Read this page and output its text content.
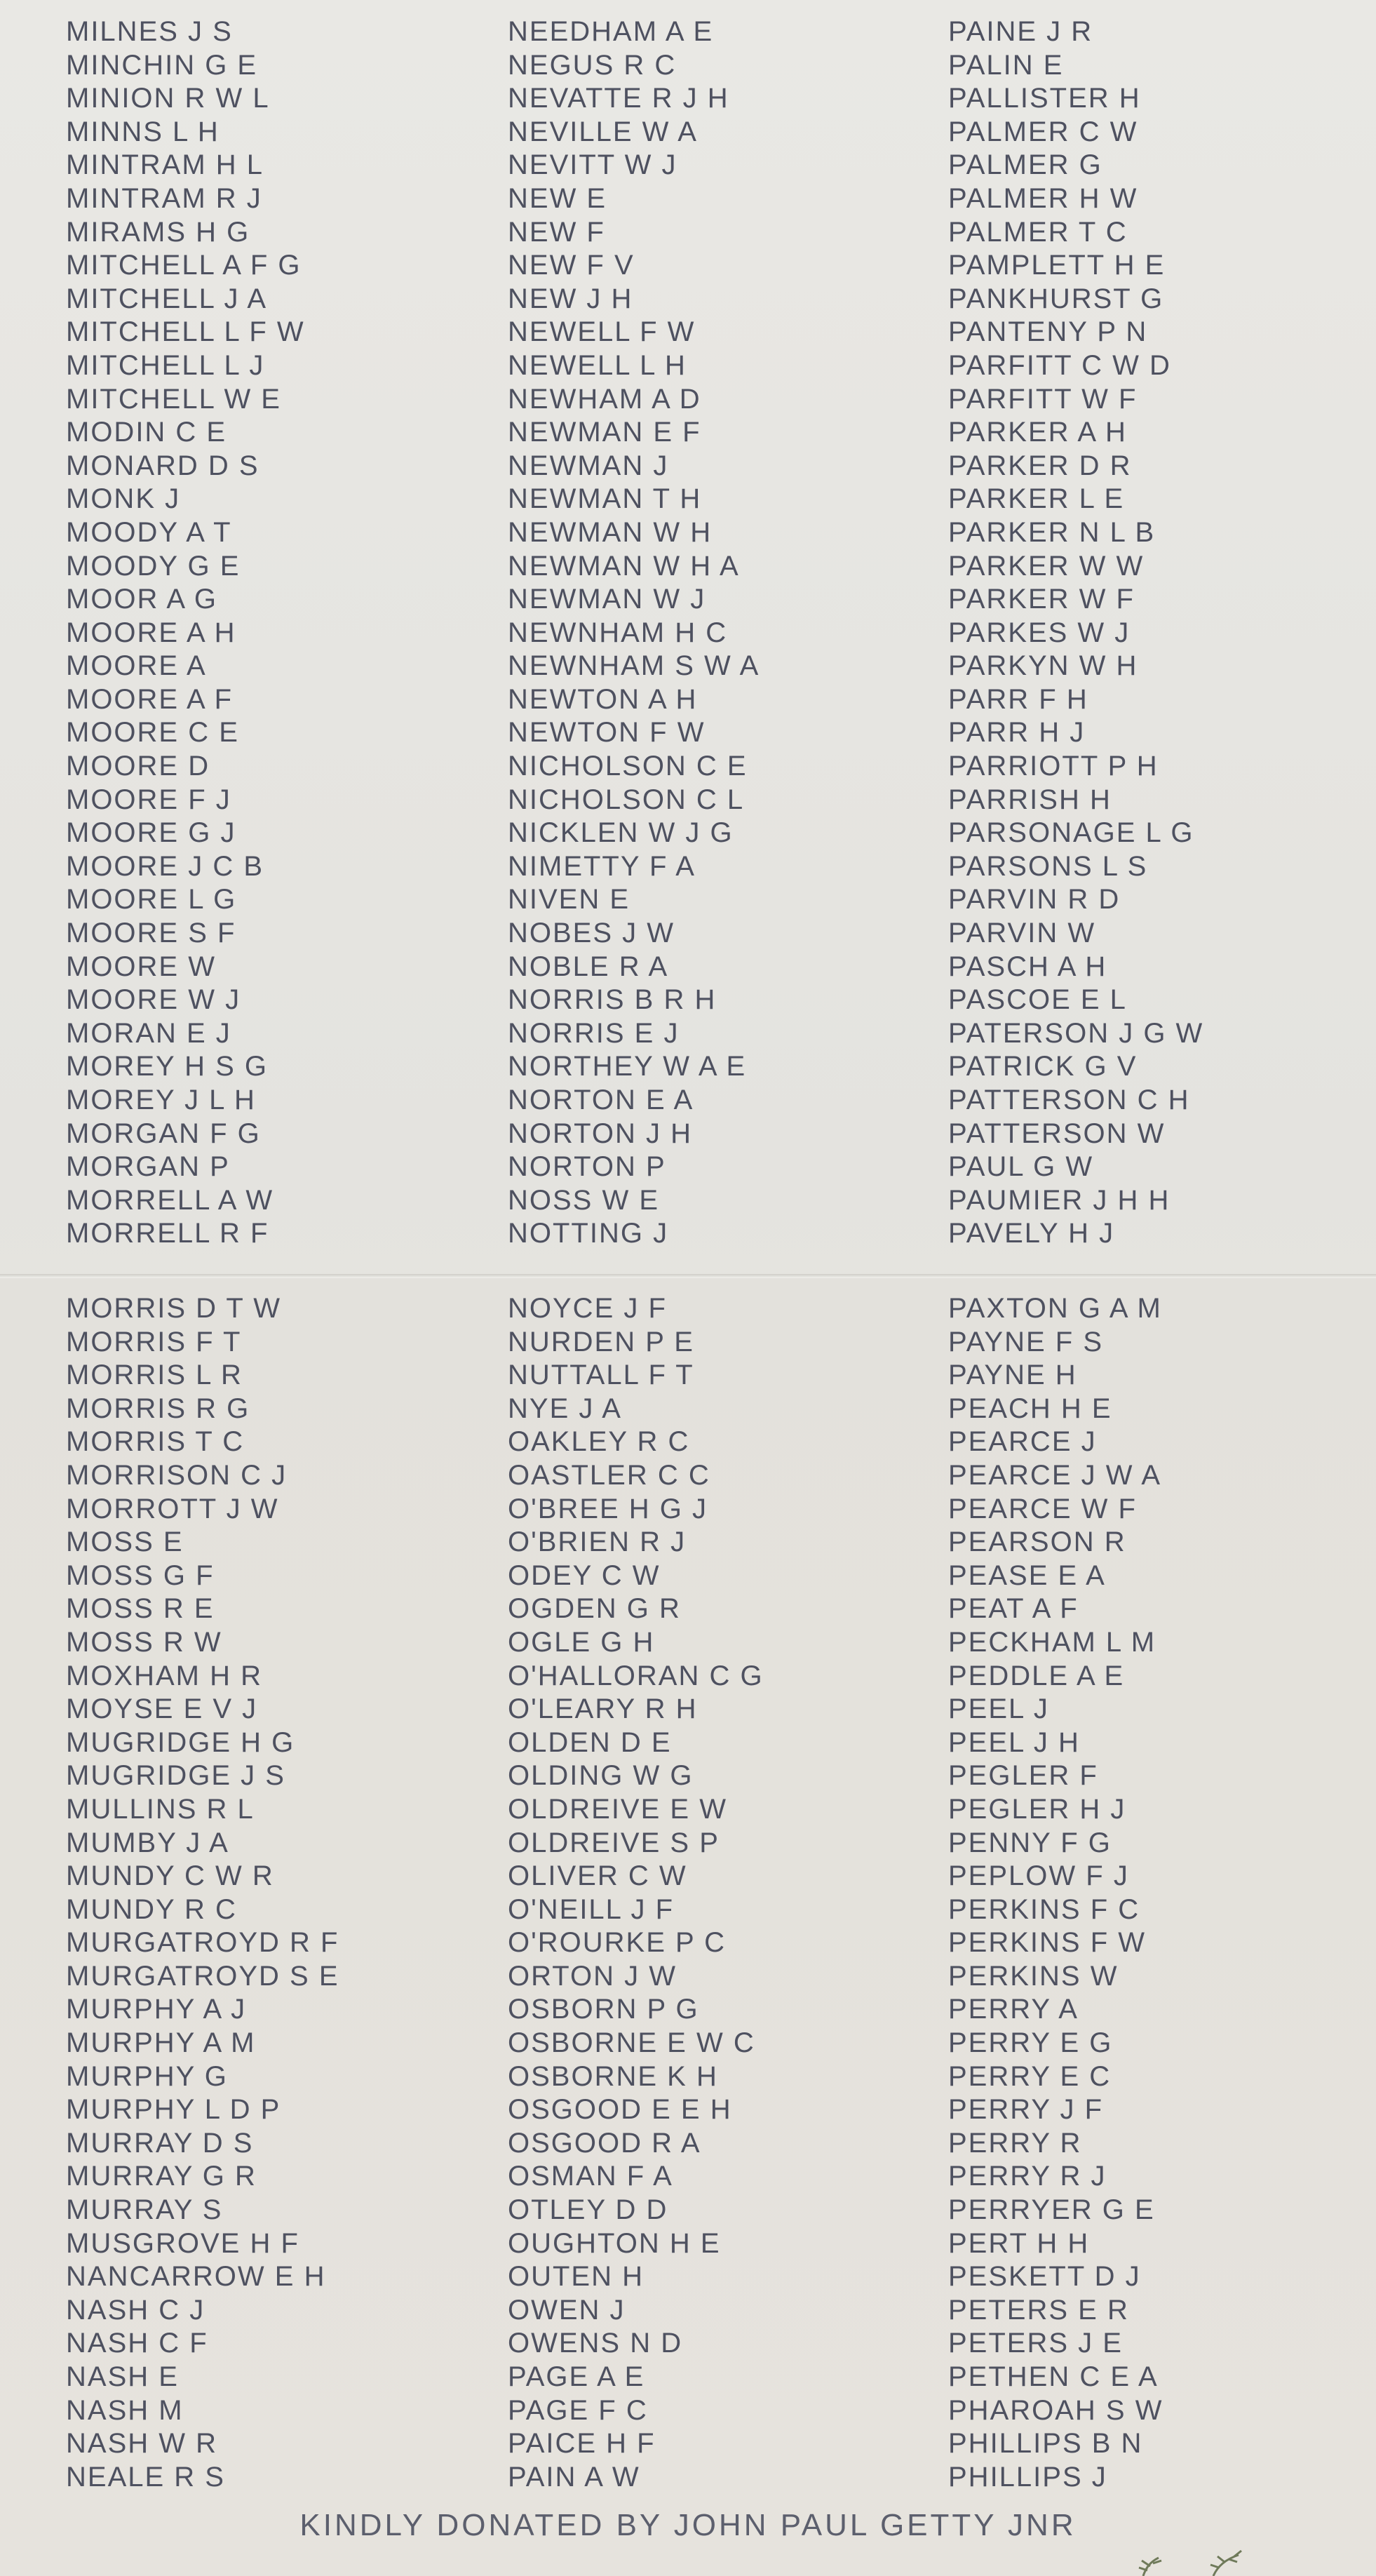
MILNES J S
MINCHIN G E
MINION R W L
MINNS L H
MINTRAM H L
MINTRAM R J
MIRAMS H G
MITCHELL A F G
MITCHELL J A
MITCHELL L F W
MITCHELL L J
MITCHELL W E
MODIN C E
MONARD D S
MONK J
MOODY A T
MOODY G E
MOOR A G
MOORE A H
MOORE A
MOORE A F
MOORE C E
MOORE D
MOORE F J
MOORE G J
MOORE J C B
MOORE L G
MOORE S F
MOORE W
MOORE W J
MORAN E J
MOREY H S G
MOREY J L H
MORGAN F G
MORGAN P
MORRELL A W
MORRELL R F
NEEDHAM A E
NEGUS R C
NEVATTE R J H
NEVILLE W A
NEVITT W J
NEW E
NEW F
NEW F V
NEW J H
NEWELL F W
NEWELL L H
NEWHAM A D
NEWMAN E F
NEWMAN J
NEWMAN T H
NEWMAN W H
NEWMAN W H A
NEWMAN W J
NEWNHAM H C
NEWNHAM S W A
NEWTON A H
NEWTON F W
NICHOLSON C E
NICHOLSON C L
NICKLEN W J G
NIMETTY F A
NIVEN E
NOBES J W
NOBLE R A
NORRIS B R H
NORRIS E J
NORTHEY W A E
NORTON E A
NORTON J H
NORTON P
NOSS W E
NOTTING J
PAINE J R
PALIN E
PALLISTER H
PALMER C W
PALMER G
PALMER H W
PALMER T C
PAMPLETT H E
PANKHURST G
PANTENY P N
PARFITT C W D
PARFITT W F
PARKER A H
PARKER D R
PARKER L E
PARKER N L B
PARKER W W
PARKER W F
PARKES W J
PARKYN W H
PARR F H
PARR H J
PARRIOTT P H
PARRISH H
PARSONAGE L G
PARSONS L S
PARVIN R D
PARVIN W
PASCH A H
PASCOE E L
PATERSON J G W
PATRICK G V
PATTERSON C H
PATTERSON W
PAUL G W
PAUMIER J H H
PAVELY H J
MORRIS D T W
MORRIS F T
MORRIS L R
MORRIS R G
MORRIS T C
MORRISON C J
MORROTT J W
MOSS E
MOSS G F
MOSS R E
MOSS R W
MOXHAM H R
MOYSE E V J
MUGRIDGE H G
MUGRIDGE J S
MULLINS R L
MUMBY J A
MUNDY C W R
MUNDY R C
MURGATROYD R F
MURGATROYD S E
MURPHY A J
MURPHY A M
MURPHY G
MURPHY L D P
MURRAY D S
MURRAY G R
MURRAY S
MUSGROVE H F
NANCARROW E H
NASH C J
NASH C F
NASH E
NASH M
NASH W R
NEALE R S
NOYCE J F
NURDEN P E
NUTTALL F T
NYE J A
OAKLEY R C
OASTLER C C
O'BREE H G J
O'BRIEN R J
ODEY C W
OGDEN G R
OGLE G H
O'HALLORAN C G
O'LEARY R H
OLDEN D E
OLDING W G
OLDREIVE E W
OLDREIVE S P
OLIVER C W
O'NEILL J F
O'ROURKE P C
ORTON J W
OSBORN P G
OSBORNE E W C
OSBORNE K H
OSGOOD E E H
OSGOOD R A
OSMAN F A
OTLEY D D
OUGHTON H E
OUTEN H
OWEN J
OWENS N D
PAGE A E
PAGE F C
PAICE H F
PAIN A W
PAXTON G A M
PAYNE F S
PAYNE H
PEACH H E
PEARCE J
PEARCE J W A
PEARCE W F
PEARSON R
PEASE E A
PEAT A F
PECKHAM L M
PEDDLE A E
PEEL J
PEEL J H
PEGLER F
PEGLER H J
PENNY F G
PEPLOW F J
PERKINS F C
PERKINS F W
PERKINS W
PERRY A
PERRY E G
PERRY E C
PERRY J F
PERRY R
PERRY R J
PERRYER G E
PERT H H
PESKETT D J
PETERS E R
PETERS J E
PETHEN C E A
PHAROAH S W
PHILLIPS B N
PHILLIPS J
KINDLY DONATED BY JOHN PAUL GETTY JNR
